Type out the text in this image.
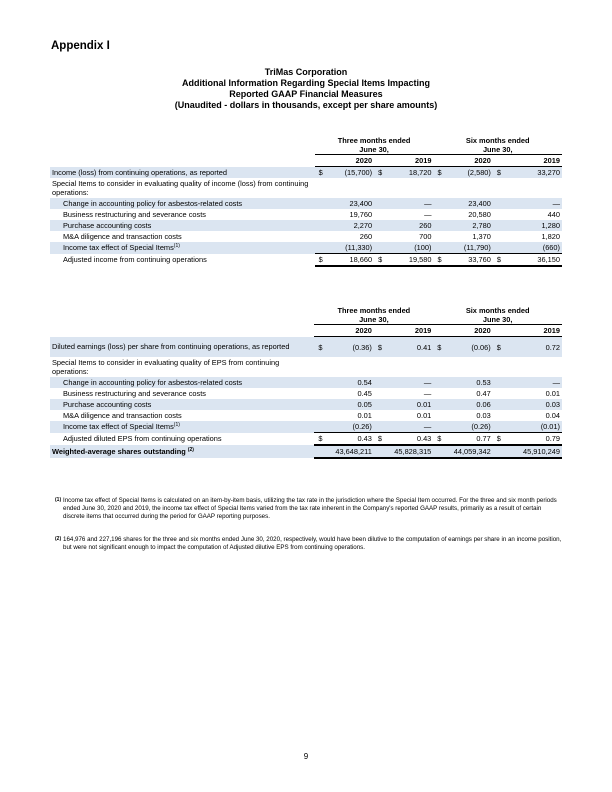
Appendix I
TriMas Corporation
Additional Information Regarding Special Items Impacting
Reported GAAP Financial Measures
(Unaudited - dollars in thousands, except per share amounts)
	Three months ended
June 30,				Six months ended
June 30,			
	2020		2019		2020		2019	
Income (loss) from continuing operations, as reported	$	(15,700)	$	18,720	$	(2,580)	$	33,270
Special Items to consider in evaluating quality of income (loss) from continuing operations:								
Change in accounting policy for asbestos-related costs		23,400		—		23,400		—
Business restructuring and severance costs		19,760		—		20,580		440
Purchase accounting costs		2,270		260		2,780		1,280
M&A diligence and transaction costs		260		700		1,370		1,820
Income tax effect of Special Items$^{(1)}$		(11,330)		(100)		(11,790)		(660)
Adjusted income from continuing operations	$	18,660	$	19,580	$	33,760	$	36,150
	Three months ended
June 30,				Six months ended
June 30,			
	2020		2019		2020		2019	
Diluted earnings (loss) per share from continuing operations, as reported	$	(0.36)	$	0.41	$	(0.06)	$	0.72
Special Items to consider in evaluating quality of EPS from continuing operations:								
Change in accounting policy for asbestos-related costs		0.54		—		0.53		—
Business restructuring and severance costs		0.45		—		0.47		0.01
Purchase accounting costs		0.05		0.01		0.06		0.03
M&A diligence and transaction costs		0.01		0.01		0.03		0.04
Income tax effect of Special Items$^{(1)}$		(0.26)		—		(0.26)		(0.01)
Adjusted diluted EPS from continuing operations	$	0.43	$	0.43	$	0.77	$	0.79
Weighted-average shares outstanding $^{(2)}$	43,648,211		45,828,315		44,059,342		45,910,249	
(1) Income tax effect of Special Items is calculated on an item-by-item basis, utilizing the tax rate in the jurisdiction where the Special Item occurred. For the three and six month periods ended June 30, 2020 and 2019, the income tax effect of Special Items varied from the tax rate inherent in the Company's reported GAAP results, primarily as a result of certain discrete items that occurred during the period for GAAP reporting purposes.
(2) 164,976 and 227,196 shares for the three and six months ended June 30, 2020, respectively, would have been dilutive to the computation of earnings per share in an income position, but were not significant enough to impact the computation of Adjusted dilutive EPS from continuing operations.
9
